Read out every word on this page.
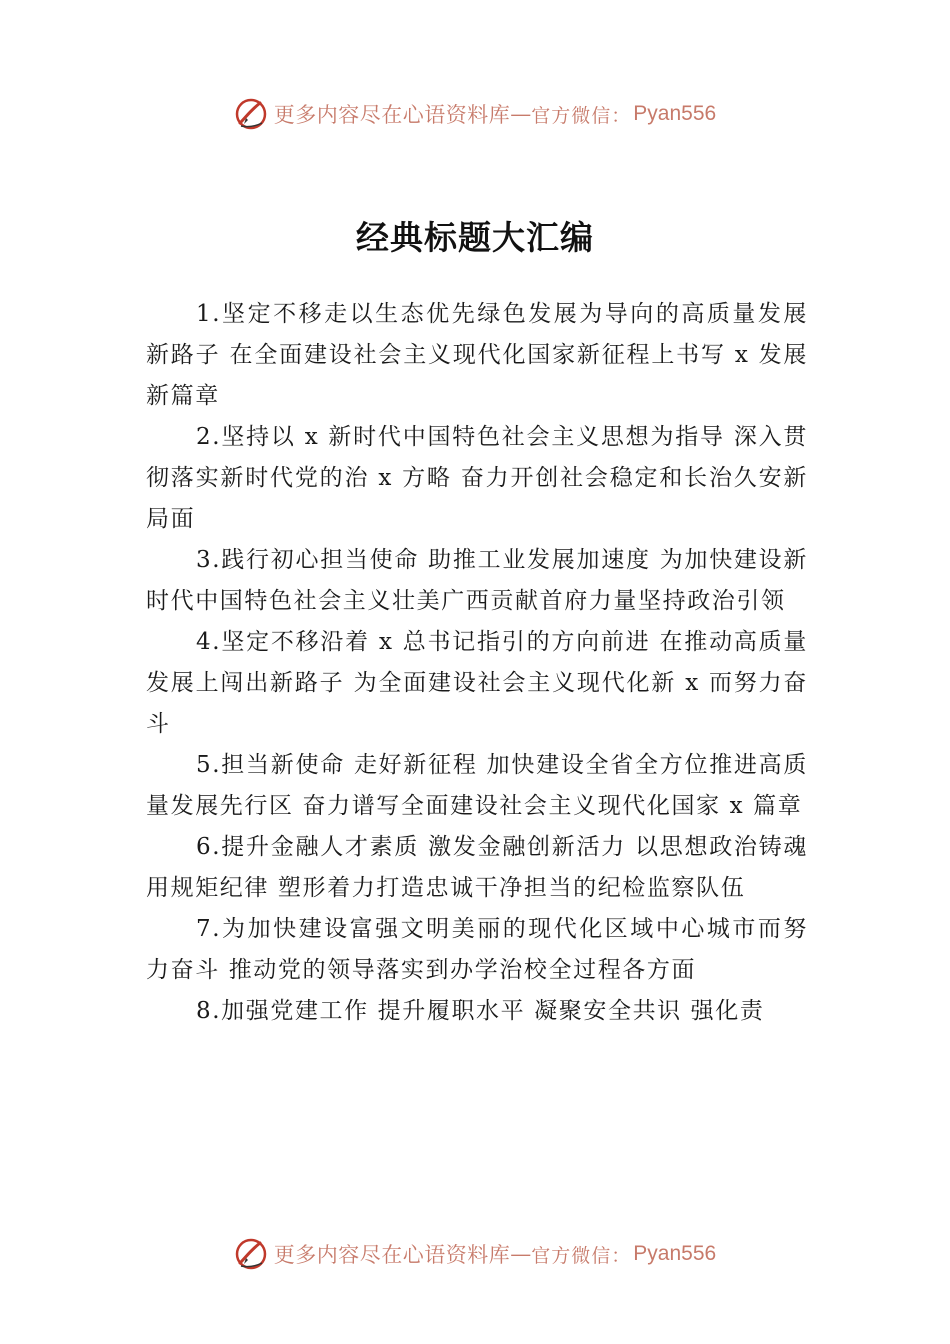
更多内容尽在心语资料库 — 官方微信： Pyan556
经典标题大汇编

1.坚定不移走以生态优先绿色发展为导向的高质量发展新路子 在全面建设社会主义现代化国家新征程上书写 x 发展新篇章

2.坚持以 x 新时代中国特色社会主义思想为指导 深入贯彻落实新时代党的治 x 方略 奋力开创社会稳定和长治久安新局面

3.践行初心担当使命 助推工业发展加速度 为加快建设新时代中国特色社会主义壮美广西贡献首府力量坚持政治引领

4.坚定不移沿着 x 总书记指引的方向前进 在推动高质量发展上闯出新路子 为全面建设社会主义现代化新 x 而努力奋斗

5.担当新使命 走好新征程 加快建设全省全方位推进高质量发展先行区 奋力谱写全面建设社会主义现代化国家 x 篇章

6.提升金融人才素质 激发金融创新活力 以思想政治铸魂用规矩纪律 塑形着力打造忠诚干净担当的纪检监察队伍

7.为加快建设富强文明美丽的现代化区域中心城市而努力奋斗 推动党的领导落实到办学治校全过程各方面

8.加强党建工作 提升履职水平 凝聚安全共识 强化责

更多内容尽在心语资料库 — 官方微信： Pyan556
